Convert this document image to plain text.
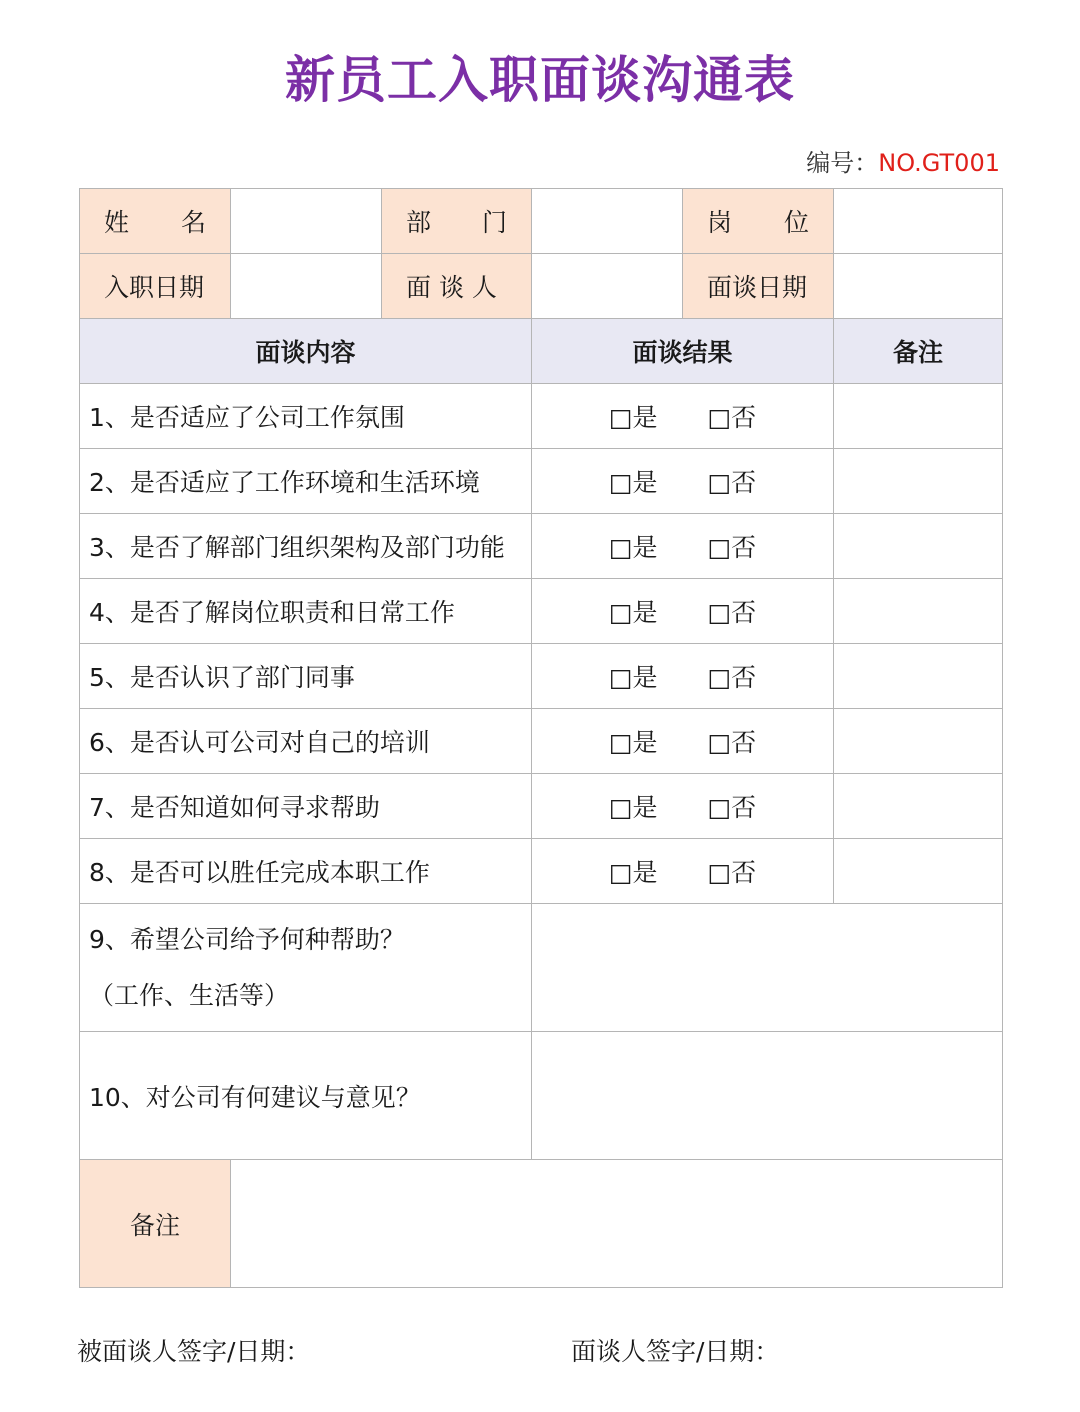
新员工入职面谈沟通表
编号：NO.GT001
姓 名		部 门		岗 位	

入职日期		面 谈 人		面谈日期	
面谈内容			面谈结果		备注
1、是否适应了公司工作氛围			□是 □否		
2、是否适应了工作环境和生活环境			□是 □否		
3、是否了解部门组织架构及部门功能			□是 □否		
4、是否了解岗位职责和日常工作			□是 □否		
5、是否认识了部门同事			□是 □否		
6、是否认可公司对自己的培训			□是 □否		
7、是否知道如何寻求帮助			□是 □否		
8、是否可以胜任完成本职工作			□是 □否		

9、希望公司给予何种帮助？
（工作、生活等）					

10、对公司有何建议与意见？					
备注					
被面谈人签字/日期：	面谈人签字/日期：
